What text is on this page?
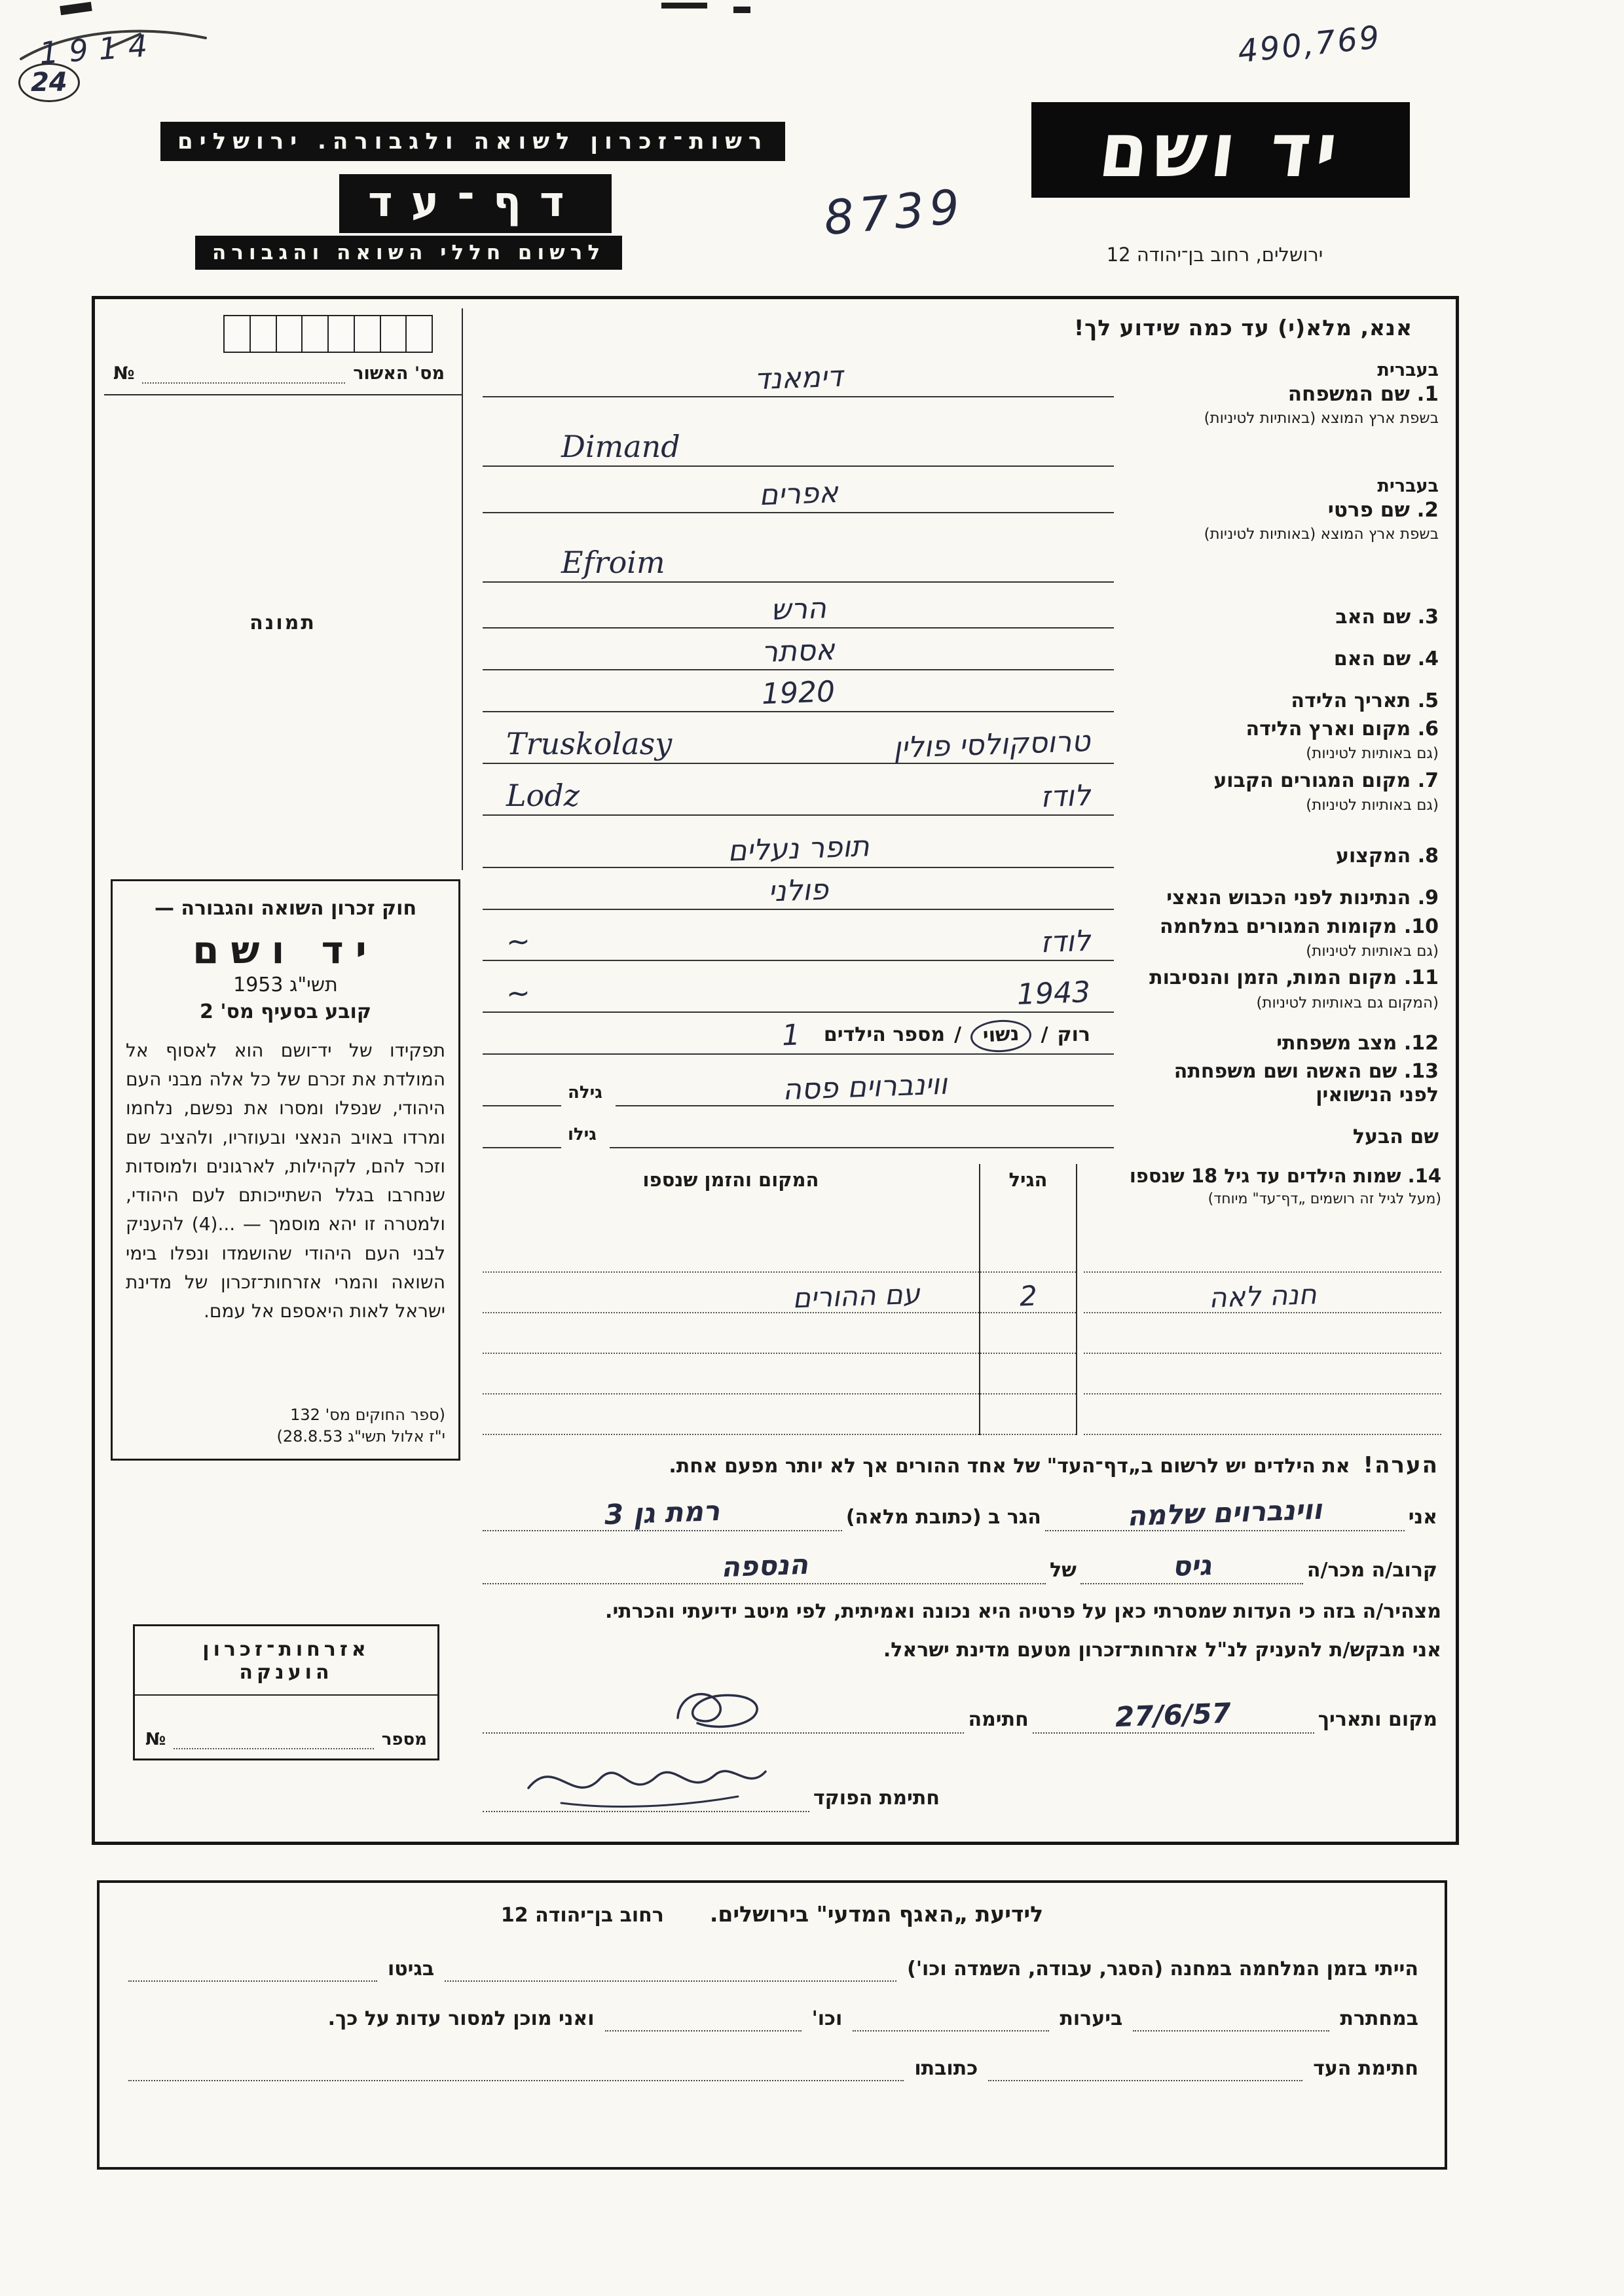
1914
24
490,769
8739
רשות־זכרון לשואה ולגבורה. ירושלים
דף־עד
לרשום חללי השואה והגבורה
יד ושם
ירושלים, רחוב בן־יהודה 12
אנא, מלא(י) עד כמה שידוע לך!
בעברית
1. שם המשפחה
בשפת ארץ המוצא (באותיות לטיניות)
דימאנד
Dimand
בעברית
2. שם פרטי
בשפת ארץ המוצא (באותיות לטיניות)
אפרים
Efroim
3. שם האב
הרש
4. שם האם
אסתר
5. תאריך הלידה
1920
6. מקום וארץ הלידה
(גם באותיות לטיניות)
טרוסקולסי פולין
Truskolasy
7. מקום המגורים הקבוע
(גם באותיות לטיניות)
לודז
Lodz
8. המקצוע
תופר נעלים
9. הנתינות לפני הכבוש הנאצי
פולני
10. מקומות המגורים במלחמה
(גם באותיות לטיניות)
לודז
~
11. מקום המות, הזמן והנסיבות
(המקום גם באותיות לטיניות)
1943
~
12. מצב משפחתי
רוק
/
נשוי
/
מספר הילדים
1
13. שם האשה ושם משפחתה
לפני הנישואין
ווינברוים פסה
גילה
שם הבעל
גילו
14. שמות הילדים עד גיל 18 שנספו
(מעל לגיל זה רושמים „דף־עד" מיוחד)
חנה לאה
הגיל
2
המקום והזמן שנספו
עם ההורים
הערה!
את הילדים יש לרשום ב„דף־העד" של אחד ההורים אך לא יותר מפעם אחת.
אני
ווינברוים שלמה
הגר ב (כתובת מלאה)
רמת גן 3
קרוב/ה מכר/ה
גיס
של
הנספה
מצהיר/ה בזה כי העדות שמסרתי כאן על פרטיה היא נכונה ואמיתית, לפי מיטב ידיעתי והכרתי.
אני מבקש/ת להעניק לנ"ל אזרחות־זכרון מטעם מדינת ישראל.
מקום ותאריך
27/6/57
חתימה
חתימת הפוקד
מס' האשור
№
תמונה
חוק זכרון השואה והגבורה —
יד ושם
תשי"ג 1953
קובע בסעיף מס' 2
תפקידו של יד־ושם הוא לאסוף אל המולדת את זכרם של כל אלה מבני העם היהודי, שנפלו ומסרו את נפשם, נלחמו ומרדו באויב הנאצי ובעוזריו, ולהציב שם וזכר להם, לקהילות, לארגונים ולמוסדות שנחרבו בגלל השתייכותם לעם היהודי, ולמטרה זו יהא מוסמך — ...(4) להעניק לבני העם היהודי שהושמדו ונפלו בימי השואה והמרי אזרחות־זכרון של מדינת ישראל לאות היאספם אל עמם.
(ספר החוקים מס' 132
י"ז אלול תשי"ג 28.8.53)
אזרחות־זכרון
הוענקה
מספר
№
לידיעת „האגף המדעי" בירושלים.
רחוב בן־יהודה 12
הייתי בזמן המלחמה במחנה (הסגר, עבודה, השמדה וכו')
בגיטו
במחתרת
ביערות
וכו'
ואני מוכן למסור עדות על כך.
חתימת העד
כתובתו
